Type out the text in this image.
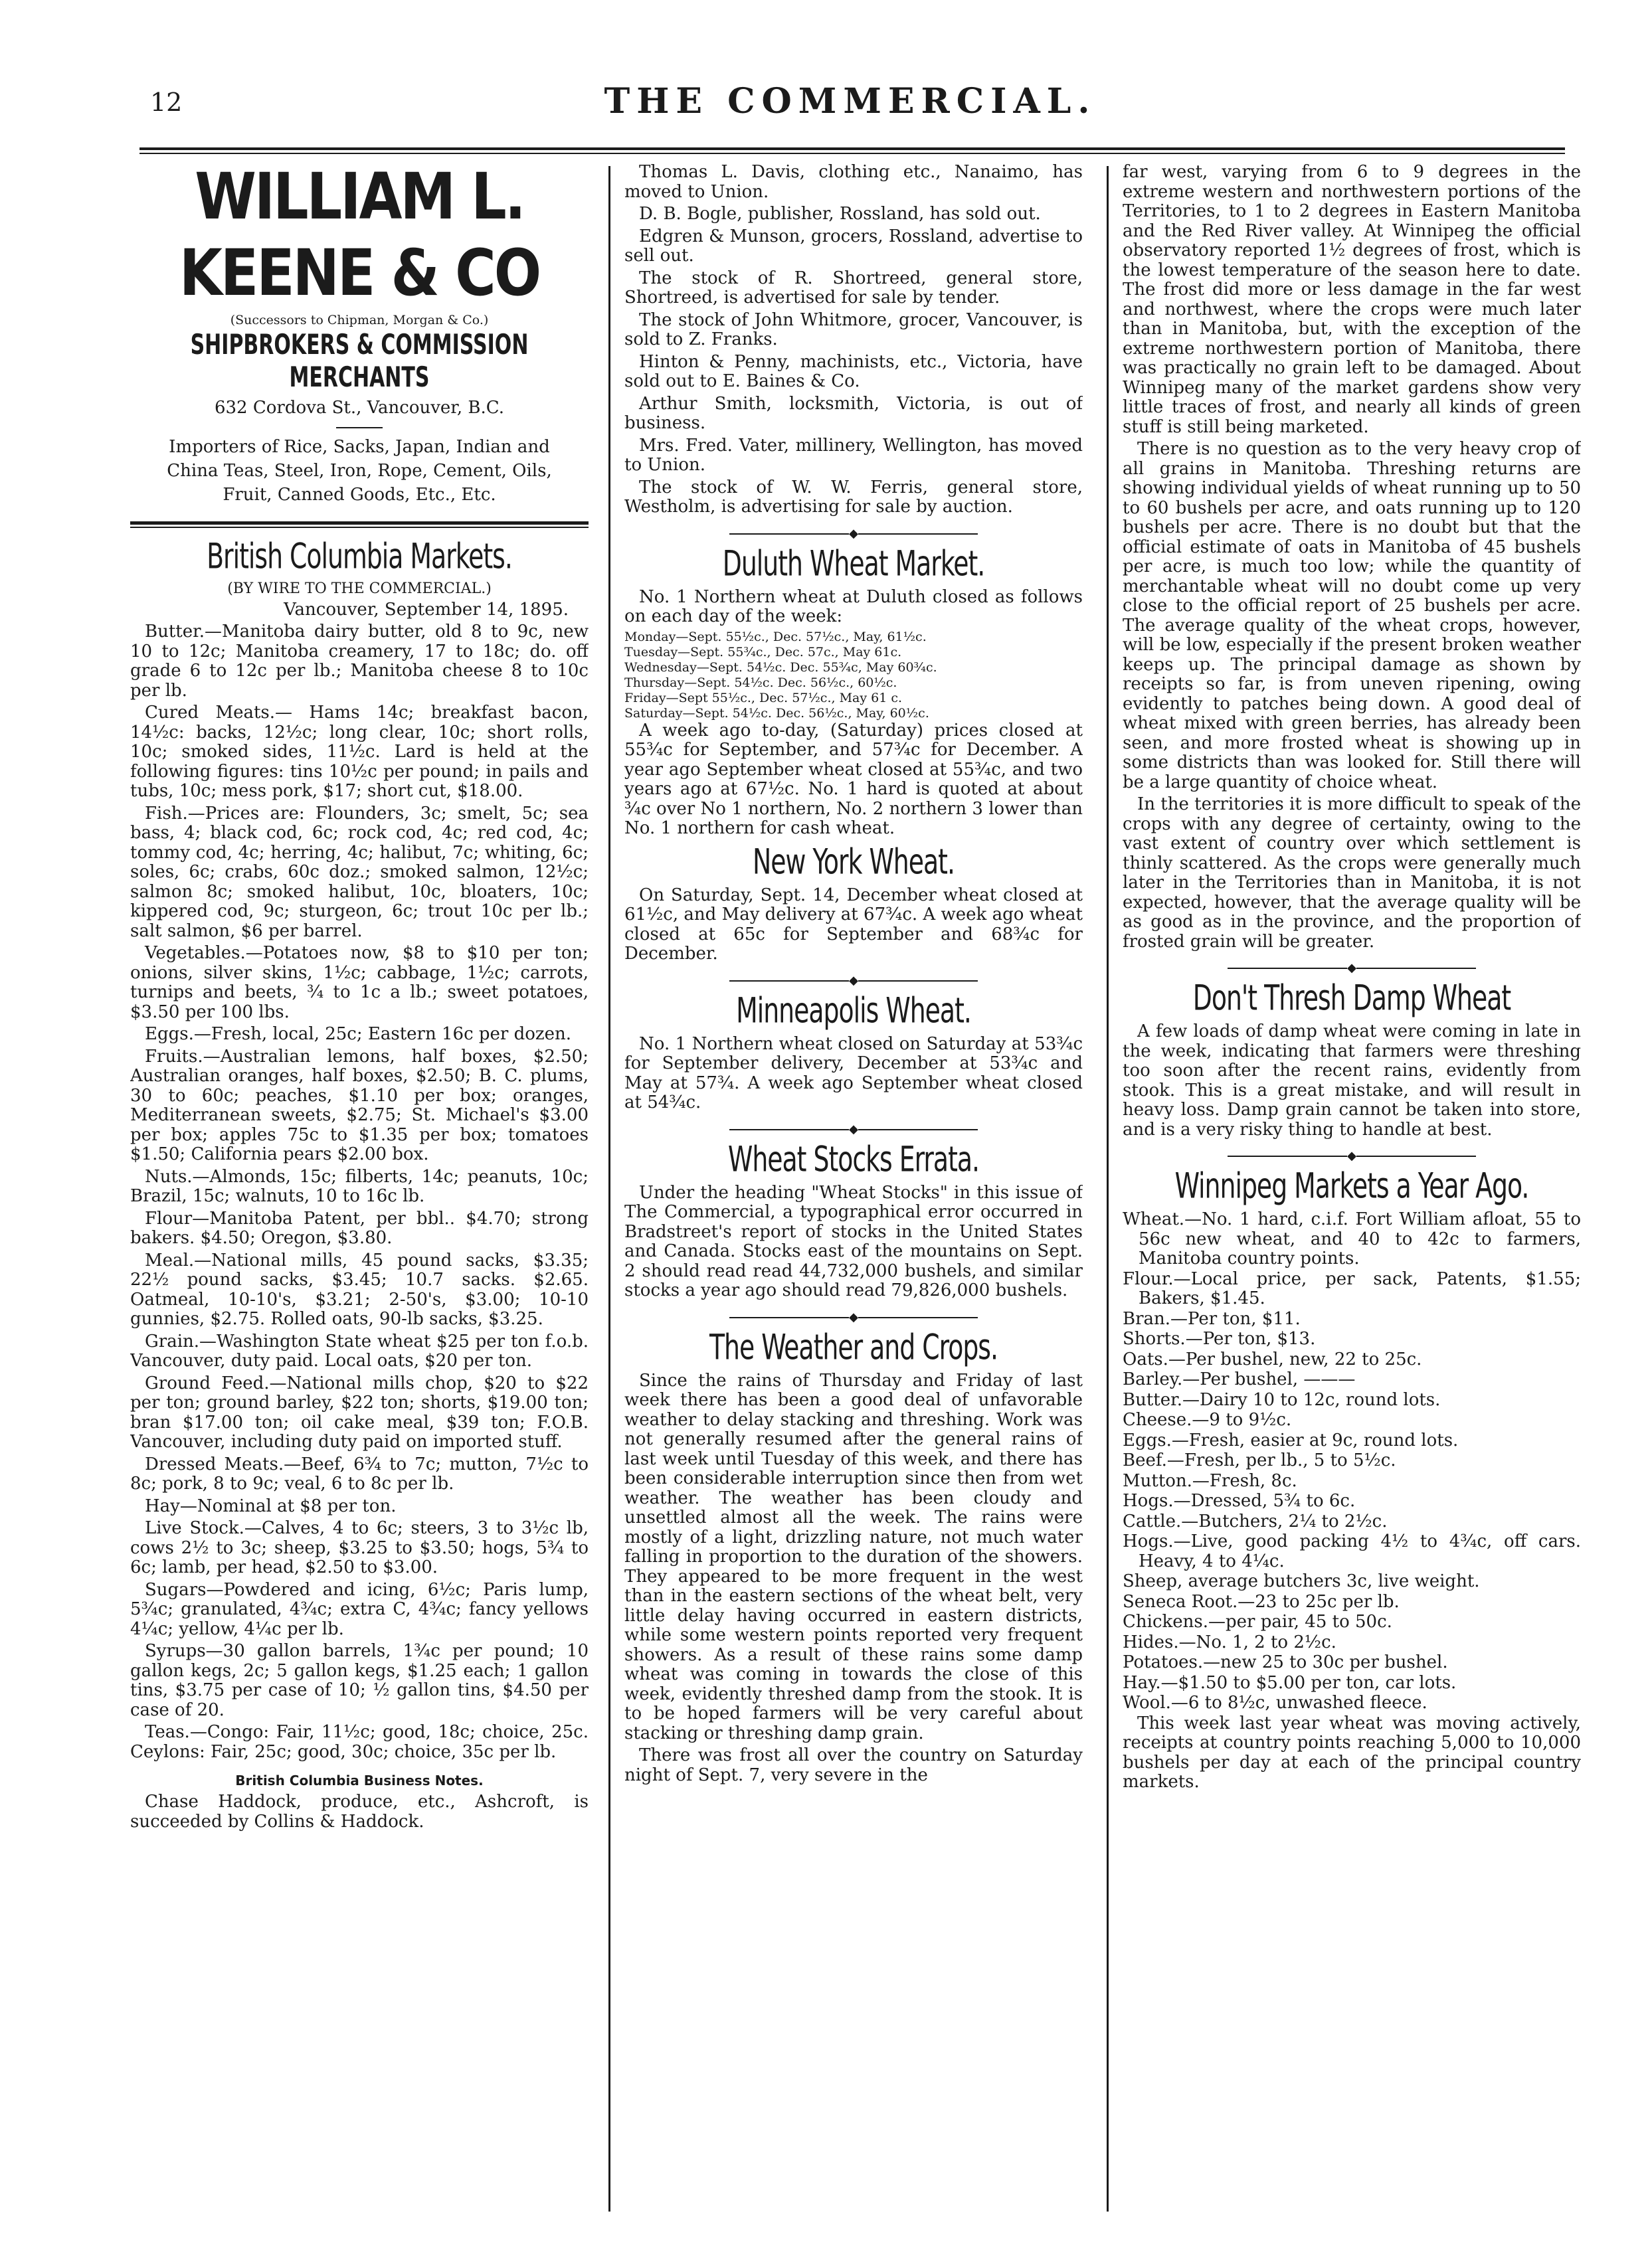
12	THE COMMERCIAL.
WILLIAM L. KEENE & CO
(Successors to Chipman, Morgan & Co.)
SHIPBROKERS & COMMISSION MERCHANTS
632 Cordova St., Vancouver, B.C.
Importers of Rice, Sacks, Japan, Indian and China Teas, Steel, Iron, Rope, Cement, Oils, Fruit, Canned Goods, Etc., Etc.
British Columbia Markets.
(BY WIRE TO THE COMMERCIAL.)
Vancouver, September 14, 1895.

Butter.—Manitoba dairy butter, old 8 to 9c, new 10 to 12c; Manitoba creamery, 17 to 18c; do. off grade 6 to 12c per lb.; Manitoba cheese 8 to 10c per lb.

Cured Meats.— Hams 14c; breakfast bacon, 14½c: backs, 12½c; long clear, 10c; short rolls, 10c; smoked sides, 11½c. Lard is held at the following figures: tins 10½c per pound; in pails and tubs, 10c; mess pork, $17; short cut, $18.00.

Fish.—Prices are: Flounders, 3c; smelt, 5c; sea bass, 4; black cod, 6c; rock cod, 4c; red cod, 4c; tommy cod, 4c; herring, 4c; halibut, 7c; whiting, 6c; soles, 6c; crabs, 60c doz.; smoked salmon, 12½c; salmon 8c; smoked halibut, 10c, bloaters, 10c; kippered cod, 9c; sturgeon, 6c; trout 10c per lb.; salt salmon, $6 per barrel.

Vegetables.—Potatoes now, $8 to $10 per ton; onions, silver skins, 1½c; cabbage, 1½c; carrots, turnips and beets, ¾ to 1c a lb.; sweet potatoes, $3.50 per 100 lbs.

Eggs.—Fresh, local, 25c; Eastern 16c per dozen.

Fruits.—Australian lemons, half boxes, $2.50; Australian oranges, half boxes, $2.50; B. C. plums, 30 to 60c; peaches, $1.10 per box; oranges, Mediterranean sweets, $2.75; St. Michael's $3.00 per box; apples 75c to $1.35 per box; tomatoes $1.50; California pears $2.00 box.

Nuts.—Almonds, 15c; filberts, 14c; peanuts, 10c; Brazil, 15c; walnuts, 10 to 16c lb.

Flour—Manitoba Patent, per bbl.. $4.70; strong bakers. $4.50; Oregon, $3.80.

Meal.—National mills, 45 pound sacks, $3.35; 22½ pound sacks, $3.45; 10.7 sacks. $2.65. Oatmeal, 10-10's, $3.21; 2-50's, $3.00; 10-10 gunnies, $2.75. Rolled oats, 90-lb sacks, $3.25.

Grain.—Washington State wheat $25 per ton f.o.b. Vancouver, duty paid. Local oats, $20 per ton.

Ground Feed.—National mills chop, $20 to $22 per ton; ground barley, $22 ton; shorts, $19.00 ton; bran $17.00 ton; oil cake meal, $39 ton; F.O.B. Vancouver, including duty paid on imported stuff.

Dressed Meats.—Beef, 6¾ to 7c; mutton, 7½c to 8c; pork, 8 to 9c; veal, 6 to 8c per lb.

Hay—Nominal at $8 per ton.

Live Stock.—Calves, 4 to 6c; steers, 3 to 3½c lb, cows 2½ to 3c; sheep, $3.25 to $3.50; hogs, 5¾ to 6c; lamb, per head, $2.50 to $3.00.

Sugars—Powdered and icing, 6½c; Paris lump, 5¾c; granulated, 4¾c; extra C, 4¾c; fancy yellows 4¼c; yellow, 4¼c per lb.

Syrups—30 gallon barrels, 1¾c per pound; 10 gallon kegs, 2c; 5 gallon kegs, $1.25 each; 1 gallon tins, $3.75 per case of 10; ½ gallon tins, $4.50 per case of 20.

Teas.—Congo: Fair, 11½c; good, 18c; choice, 25c. Ceylons: Fair, 25c; good, 30c; choice, 35c per lb.

British Columbia Business Notes.

Chase Haddock, produce, etc., Ashcroft, is succeeded by Collins & Haddock.

Thomas L. Davis, clothing etc., Nanaimo, has moved to Union.

D. B. Bogle, publisher, Rossland, has sold out.

Edgren & Munson, grocers, Rossland, advertise to sell out.

The stock of R. Shortreed, general store, Shortreed, is advertised for sale by tender.

The stock of John Whitmore, grocer, Vancouver, is sold to Z. Franks.

Hinton & Penny, machinists, etc., Victoria, have sold out to E. Baines & Co.

Arthur Smith, locksmith, Victoria, is out of business.

Mrs. Fred. Vater, millinery, Wellington, has moved to Union.

The stock of W. W. Ferris, general store, Westholm, is advertising for sale by auction.

◆
Duluth Wheat Market.

No. 1 Northern wheat at Duluth closed as follows on each day of the week:

Monday—Sept. 55½c., Dec. 57½c., May, 61½c.

Tuesday—Sept. 55¾c., Dec. 57c., May 61c.

Wednesday—Sept. 54½c. Dec. 55¾c, May 60¾c.

Thursday—Sept. 54½c. Dec. 56½c., 60½c.

Friday—Sept 55½c., Dec. 57½c., May 61 c.

Saturday—Sept. 54½c. Dec. 56½c., May, 60½c.

A week ago to-day, (Saturday) prices closed at 55¾c for September, and 57¾c for December. A year ago September wheat closed at 55¾c, and two years ago at 67½c. No. 1 hard is quoted at about ¾c over No 1 northern, No. 2 northern 3 lower than No. 1 northern for cash wheat.

New York Wheat.

On Saturday, Sept. 14, December wheat closed at 61½c, and May delivery at 67¾c. A week ago wheat closed at 65c for September and 68¾c for December.

◆
Minneapolis Wheat.

No. 1 Northern wheat closed on Saturday at 53¾c for September delivery, December at 53¾c and May at 57¾. A week ago September wheat closed at 54¾c.

◆
Wheat Stocks Errata.

Under the heading "Wheat Stocks" in this issue of The Commercial, a typographical error occurred in Bradstreet's report of stocks in the United States and Canada. Stocks east of the mountains on Sept. 2 should read read 44,732,000 bushels, and similar stocks a year ago should read 79,826,000 bushels.

◆
The Weather and Crops.

Since the rains of Thursday and Friday of last week there has been a good deal of unfavorable weather to delay stacking and threshing. Work was not generally resumed after the general rains of last week until Tuesday of this week, and there has been considerable interruption since then from wet weather. The weather has been cloudy and unsettled almost all the week. The rains were mostly of a light, drizzling nature, not much water falling in proportion to the duration of the showers. They appeared to be more frequent in the west than in the eastern sections of the wheat belt, very little delay having occurred in eastern districts, while some western points reported very frequent showers. As a result of these rains some damp wheat was coming in towards the close of this week, evidently threshed damp from the stook. It is to be hoped farmers will be very careful about stacking or threshing damp grain.

There was frost all over the country on Saturday night of Sept. 7, very severe in the

far west, varying from 6 to 9 degrees in the extreme western and northwestern portions of the Territories, to 1 to 2 degrees in Eastern Manitoba and the Red River valley. At Winnipeg the official observatory reported 1½ degrees of frost, which is the lowest temperature of the season here to date. The frost did more or less damage in the far west and northwest, where the crops were much later than in Manitoba, but, with the exception of the extreme northwestern portion of Manitoba, there was practically no grain left to be damaged. About Winnipeg many of the market gardens show very little traces of frost, and nearly all kinds of green stuff is still being marketed.

There is no question as to the very heavy crop of all grains in Manitoba. Threshing returns are showing individual yields of wheat running up to 50 to 60 bushels per acre, and oats running up to 120 bushels per acre. There is no doubt but that the official estimate of oats in Manitoba of 45 bushels per acre, is much too low; while the quantity of merchantable wheat will no doubt come up very close to the official report of 25 bushels per acre. The average quality of the wheat crops, however, will be low, especially if the present broken weather keeps up. The principal damage as shown by receipts so far, is from uneven ripening, owing evidently to patches being down. A good deal of wheat mixed with green berries, has already been seen, and more frosted wheat is showing up in some districts than was looked for. Still there will be a large quantity of choice wheat.

In the territories it is more difficult to speak of the crops with any degree of certainty, owing to the vast extent of country over which settlement is thinly scattered. As the crops were generally much later in the Territories than in Manitoba, it is not expected, however, that the average quality will be as good as in the province, and the proportion of frosted grain will be greater.

◆
Don't Thresh Damp Wheat

A few loads of damp wheat were coming in late in the week, indicating that farmers were threshing too soon after the recent rains, evidently from stook. This is a great mistake, and will result in heavy loss. Damp grain cannot be taken into store, and is a very risky thing to handle at best.

◆
Winnipeg Markets a Year Ago.

Wheat.—No. 1 hard, c.i.f. Fort William afloat, 55 to 56c new wheat, and 40 to 42c to farmers, Manitoba country points.

Flour.—Local price, per sack, Patents, $1.55; Bakers, $1.45.

Bran.—Per ton, $11.

Shorts.—Per ton, $13.

Oats.—Per bushel, new, 22 to 25c.

Barley.—Per bushel, ———

Butter.—Dairy 10 to 12c, round lots.

Cheese.—9 to 9½c.

Eggs.—Fresh, easier at 9c, round lots.

Beef.—Fresh, per lb., 5 to 5½c.

Mutton.—Fresh, 8c.

Hogs.—Dressed, 5¾ to 6c.

Cattle.—Butchers, 2¼ to 2½c.

Hogs.—Live, good packing 4½ to 4¾c, off cars. Heavy, 4 to 4¼c.

Sheep, average butchers 3c, live weight.

Seneca Root.—23 to 25c per lb.

Chickens.—per pair, 45 to 50c.

Hides.—No. 1, 2 to 2½c.

Potatoes.—new 25 to 30c per bushel.

Hay.—$1.50 to $5.00 per ton, car lots.

Wool.—6 to 8½c, unwashed fleece.

This week last year wheat was moving actively, receipts at country points reaching 5,000 to 10,000 bushels per day at each of the principal country markets.
